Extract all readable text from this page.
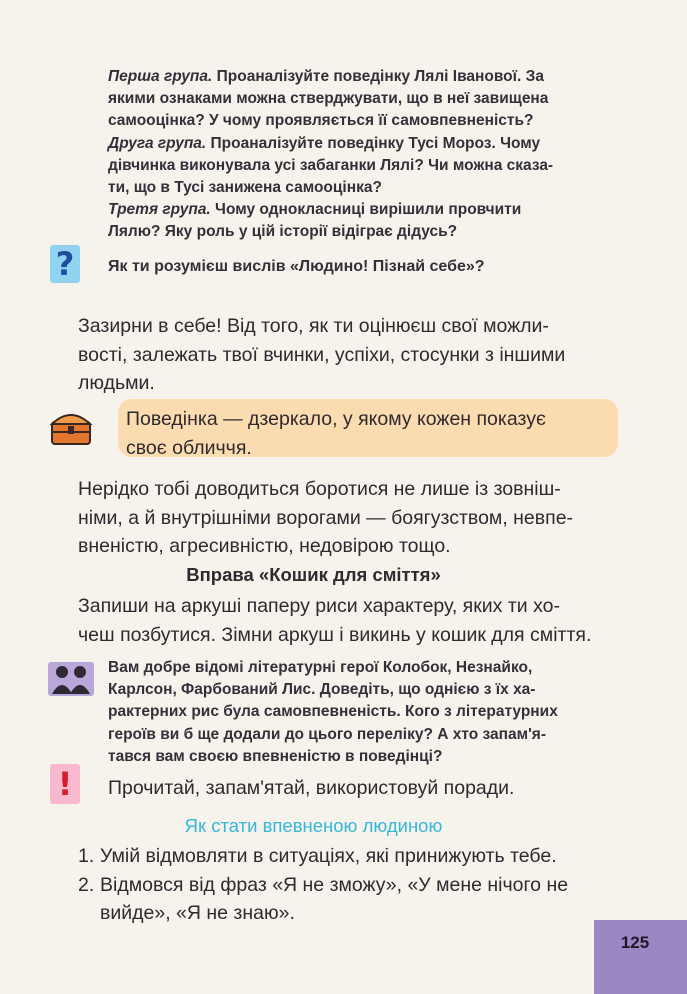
Перша група. Проаналізуйте поведінку Лялі Іванової. За
якими ознаками можна стверджувати, що в неї завищена
самооцінка? У чому проявляється її самовпевненість?
Друга група. Проаналізуйте поведінку Тусі Мороз. Чому
дівчинка виконувала усі забаганки Лялі? Чи можна сказа-
ти, що в Тусі занижена самооцінка?
Третя група. Чому однокласниці вирішили провчити
Лялю? Яку роль у цій історії відіграє дідусь?
?	Як ти розумієш вислів «Людино! Пізнай себе»?
Зазирни в себе! Від того, як ти оцінюєш свої можли-
вості, залежать твої вчинки, успіхи, стосунки з іншими
людьми.
Поведінка — дзеркало, у якому кожен показує
своє обличчя.
Нерідко тобі доводиться боротися не лише із зовніш-
німи, а й внутрішніми ворогами — боягузством, невпе-
вненістю, агресивністю, недовірою тощо.
Вправа «Кошик для сміття»
Запиши на аркуші паперу риси характеру, яких ти хо-
чеш позбутися. Зімни аркуш і викинь у кошик для сміття.
Вам добре відомі літературні герої Колобок, Незнайко,
Карлсон, Фарбований Лис. Доведіть, що однією з їх ха-
рактерних рис була самовпевненість. Кого з літературних
героїв ви б ще додали до цього переліку? А хто запам'я-
тався вам своєю впевненістю в поведінці?
!	Прочитай, запам'ятай, використовуй поради.
Як стати впевненою людиною
1. Умій відмовляти в ситуаціях, які принижують тебе.
2. Відмовся від фраз «Я не зможу», «У мене нічого не
вийде», «Я не знаю».
125
